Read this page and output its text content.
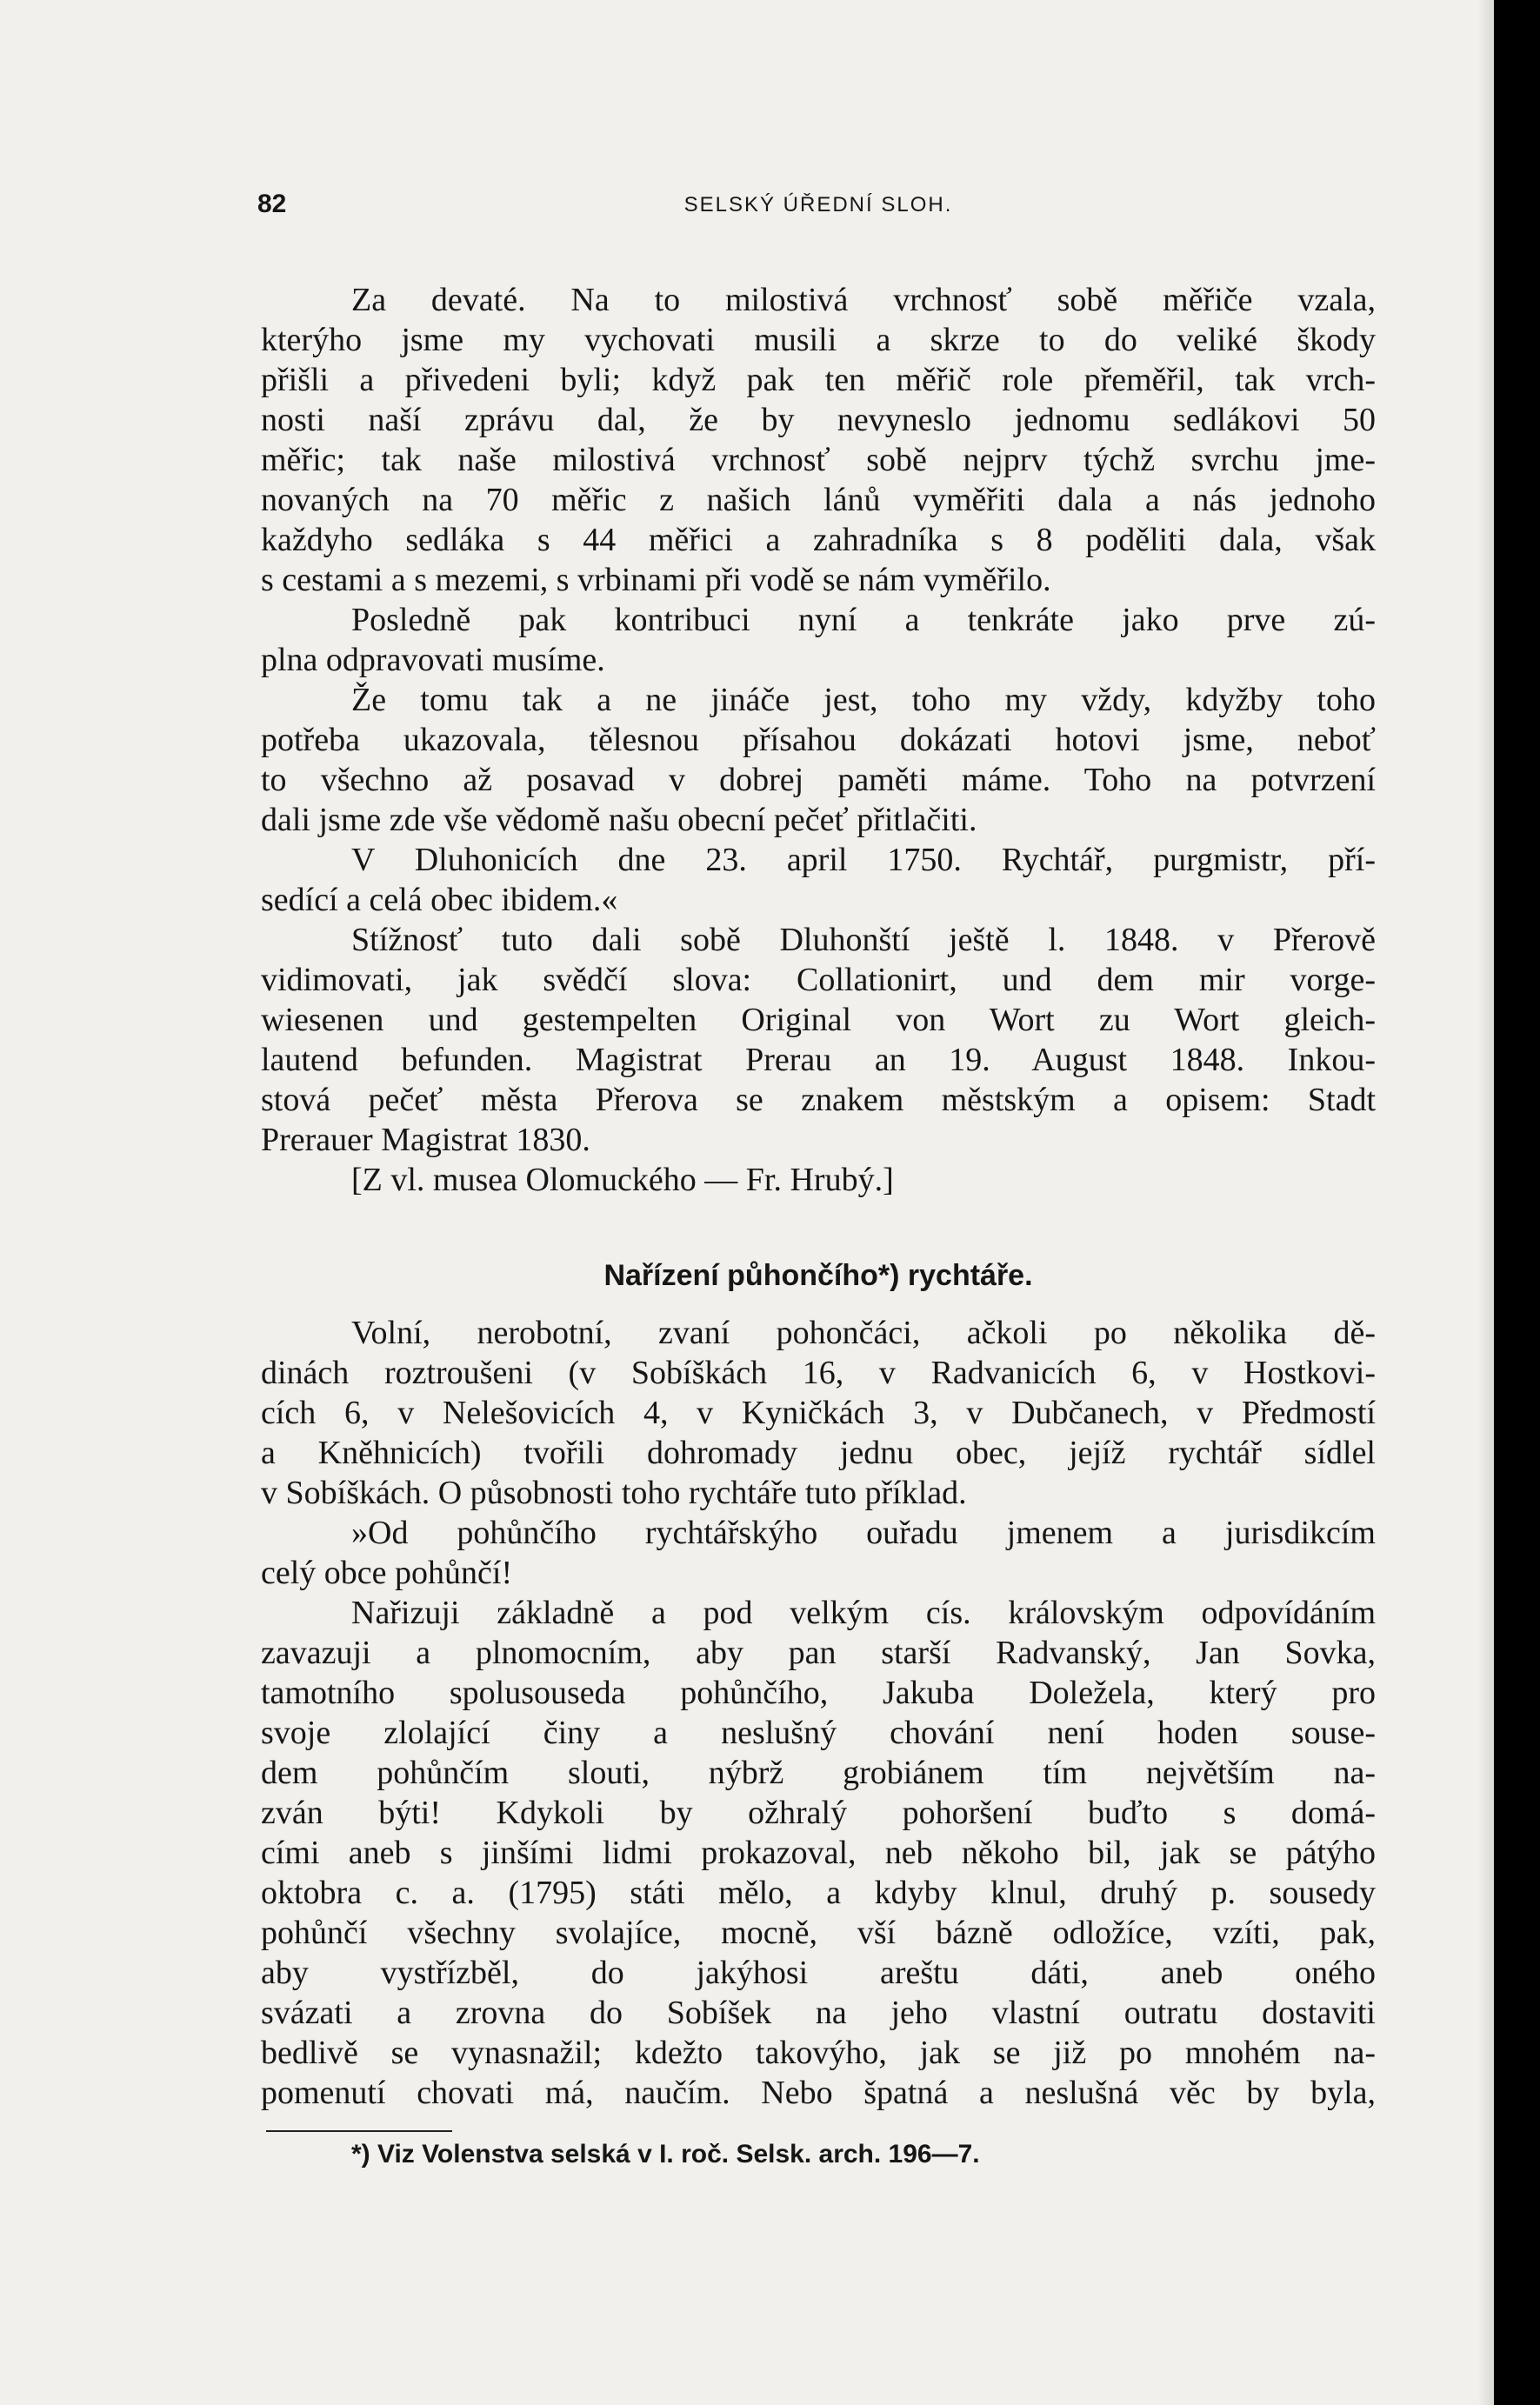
82	SELSKÝ ÚŘEDNÍ SLOH.
Za devaté. Na to milostivá vrchnosť sobě měřiče vzala,
kterýho jsme my vychovati musili a skrze to do veliké škody
přišli a přivedeni byli; když pak ten měřič role přeměřil, tak vrch-
nosti naší zprávu dal, že by nevyneslo jednomu sedlákovi 50
měřic; tak naše milostivá vrchnosť sobě nejprv týchž svrchu jme-
novaných na 70 měřic z našich lánů vyměřiti dala a nás jednoho
každyho sedláka s 44 měřici a zahradníka s 8 poděliti dala, však
s cestami a s mezemi, s vrbinami při vodě se nám vyměřilo.
Posledně pak kontribuci nyní a tenkráte jako prve zú-
plna odpravovati musíme.
Že tomu tak a ne jináče jest, toho my vždy, kdyžby toho
potřeba ukazovala, tělesnou přísahou dokázati hotovi jsme, neboť
to všechno až posavad v dobrej paměti máme. Toho na potvrzení
dali jsme zde vše vědomě našu obecní pečeť přitlačiti.
V Dluhonicích dne 23. april 1750. Rychtář, purgmistr, pří-
sedící a celá obec ibidem.«
Stížnosť tuto dali sobě Dluhonští ještě l. 1848. v Přerově
vidimovati, jak svědčí slova: Collationirt, und dem mir vorge-
wiesenen und gestempelten Original von Wort zu Wort gleich-
lautend befunden. Magistrat Prerau an 19. August 1848. Inkou-
stová pečeť města Přerova se znakem městským a opisem: Stadt
Prerauer Magistrat 1830.
[Z vl. musea Olomuckého — Fr. Hrubý.]
Nařízení půhončího*) rychtáře.
Volní, nerobotní, zvaní pohončáci, ačkoli po několika dě-
dinách roztroušeni (v Sobíškách 16, v Radvanicích 6, v Hostkovi-
cích 6, v Nelešovicích 4, v Kyničkách 3, v Dubčanech, v Předmostí
a Kněhnicích) tvořili dohromady jednu obec, jejíž rychtář sídlel
v Sobíškách. O působnosti toho rychtáře tuto příklad.
»Od pohůnčího rychtářskýho ouřadu jmenem a jurisdikcím
celý obce pohůnčí!
Nařizuji základně a pod velkým cís. královským odpovídáním
zavazuji a plnomocním, aby pan starší Radvanský, Jan Sovka,
tamotního spolusouseda pohůnčího, Jakuba Doležela, který pro
svoje zlolající činy a neslušný chování není hoden souse-
dem pohůnčím slouti, nýbrž grobiánem tím největším na-
zván býti! Kdykoli by ožhralý pohoršení buďto s domá-
cími aneb s jinšími lidmi prokazoval, neb někoho bil, jak se pátýho
oktobra c. a. (1795) státi mělo, a kdyby klnul, druhý p. sousedy
pohůnčí všechny svolajíce, mocně, vší bázně odložíce, vzíti, pak,
aby vystřízběl, do jakýhosi areštu dáti, aneb oného
svázati a zrovna do Sobíšek na jeho vlastní outratu dostaviti
bedlivě se vynasnažil; kdežto takovýho, jak se již po mnohém na-
pomenutí chovati má, naučím. Nebo špatná a neslušná věc by byla,
*) Viz Volenstva selská v I. roč. Selsk. arch. 196—7.
